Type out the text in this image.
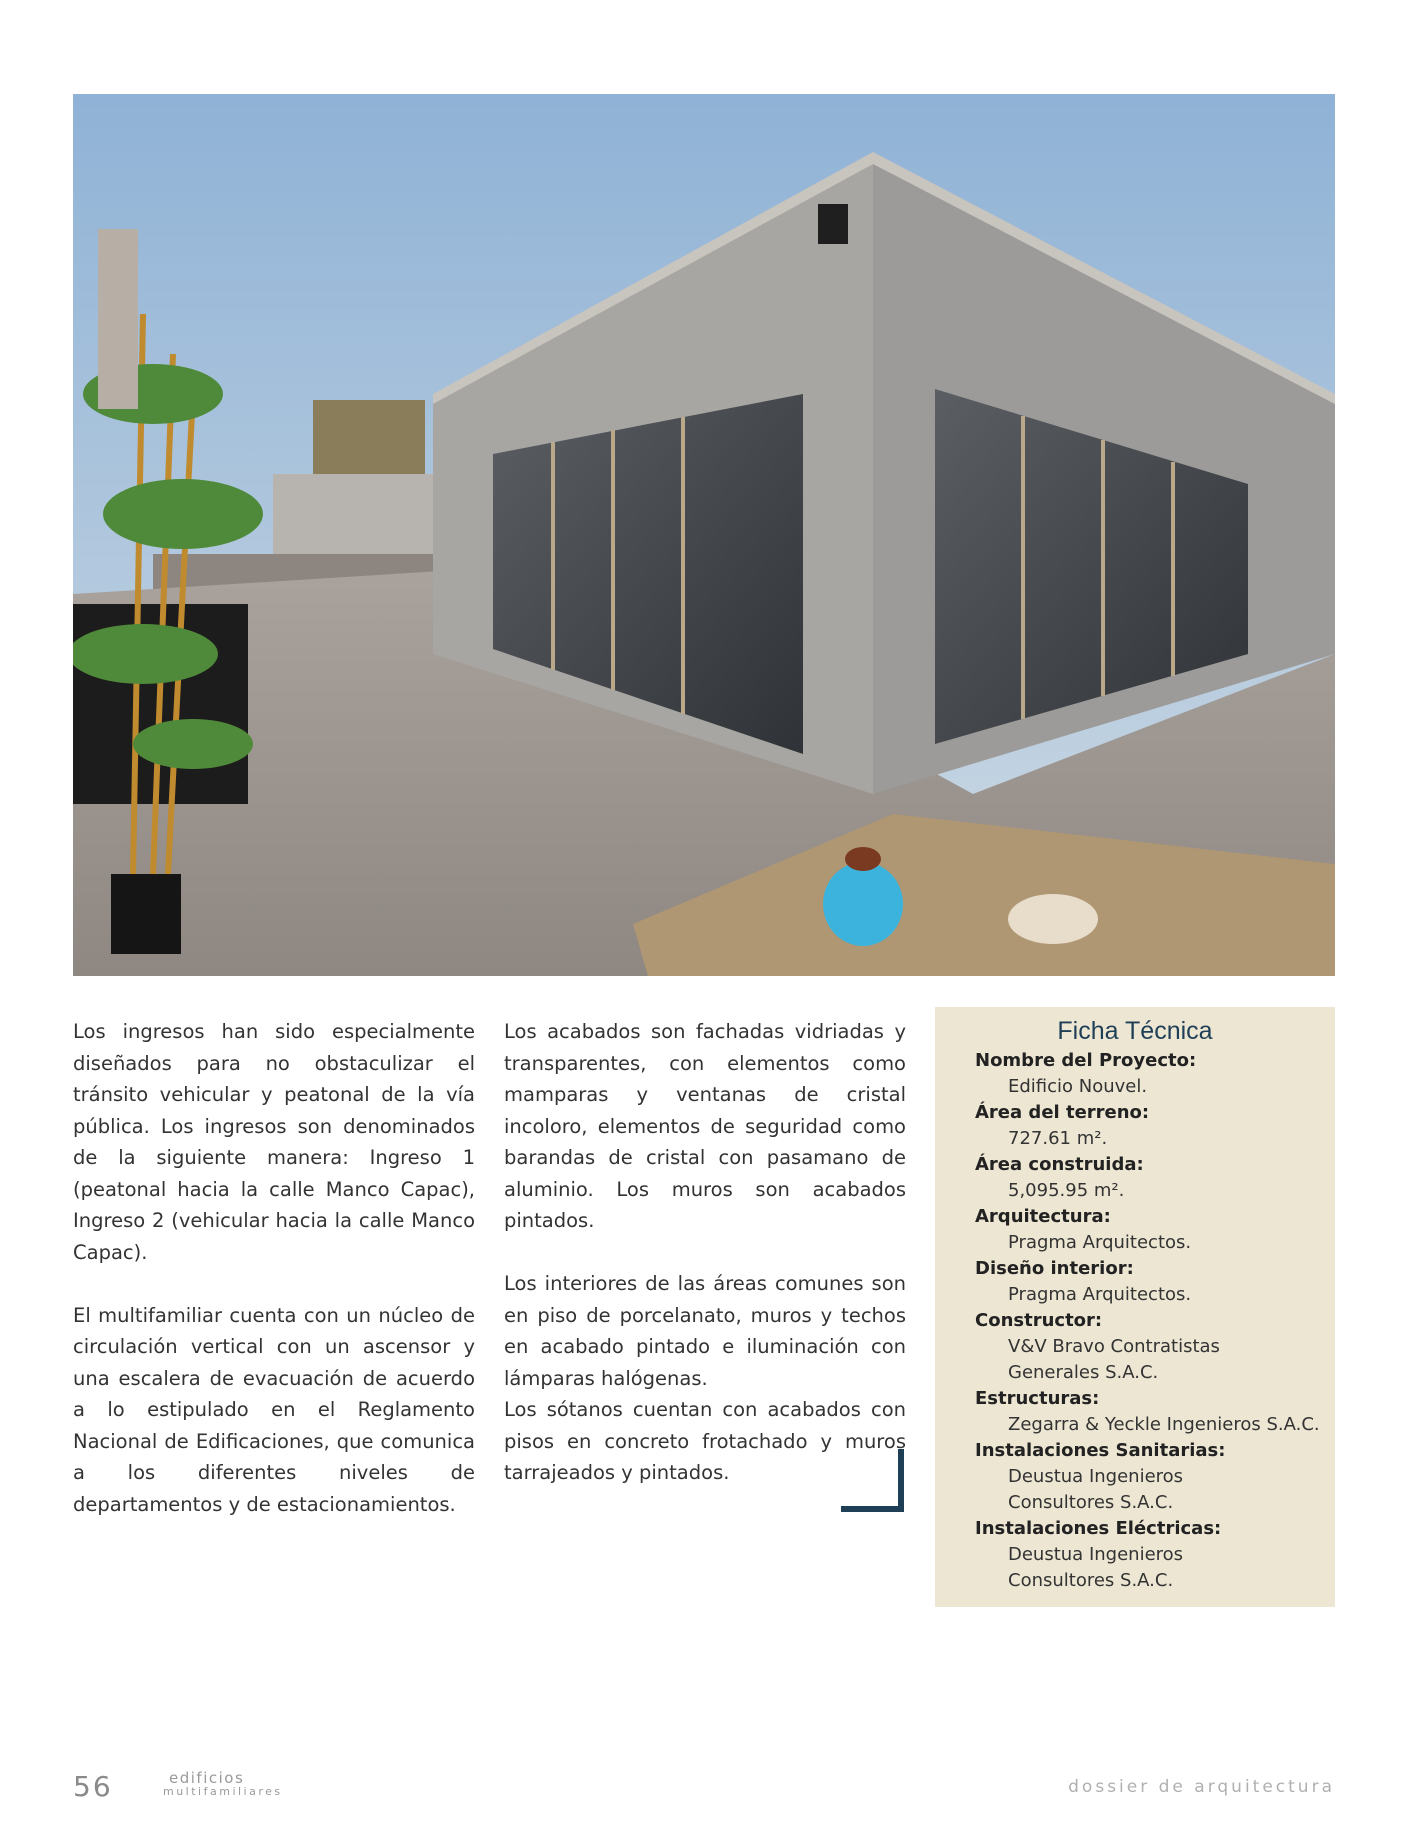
Los ingresos han sido especialmente diseñados para no obstaculizar el tránsito vehicular y peatonal de la vía pública. Los ingresos son denominados de la siguiente manera: Ingreso 1 (peatonal hacia la calle Manco Capac), Ingreso 2 (vehicular hacia la calle Manco Capac).

El multifamiliar cuenta con un núcleo de circulación vertical con un ascensor y una escalera de evacuación de acuerdo a lo estipulado en el Reglamento Nacional de Edificaciones, que comunica a los diferentes niveles de departamentos y de estacionamientos.

Los acabados son fachadas vidriadas y transparentes, con elementos como mamparas y ventanas de cristal incoloro, elementos de seguridad como barandas de cristal con pasamano de aluminio. Los muros son acabados pintados.

Los interiores de las áreas comunes son en piso de porcelanato, muros y techos en acabado pintado e iluminación con lámparas halógenas.

Los sótanos cuentan con acabados con pisos en concreto frotachado y muros tarrajeados y pintados.

Ficha Técnica
Nombre del Proyecto:
Edificio Nouvel.
Área del terreno:
727.61 m².
Área construida:
5,095.95 m².
Arquitectura:
Pragma Arquitectos.
Diseño interior:
Pragma Arquitectos.
Constructor:
V&V Bravo Contratistas
Generales S.A.C.
Estructuras:
Zegarra & Yeckle Ingenieros S.A.C.
Instalaciones Sanitarias:
Deustua Ingenieros
Consultores S.A.C.
Instalaciones Eléctricas:
Deustua Ingenieros
Consultores S.A.C.
56	edificios
multifamiliares	dossier de arquitectura
